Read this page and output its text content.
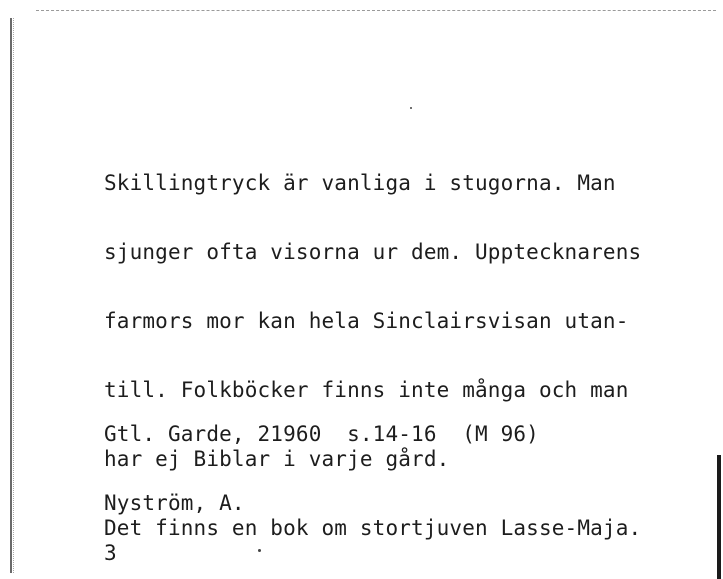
Skillingtryck är vanliga i stugorna. Man

sjunger ofta visorna ur dem. Upptecknarens

farmors mor kan hela Sinclairsvisan utan-

till. Folkböcker finns inte många och man

har ej Biblar i varje gård.

Det finns en bok om stortjuven Lasse-Maja.

Gtl. Garde, 21960  s.14-16  (M 96)

Nyström, A.

3
